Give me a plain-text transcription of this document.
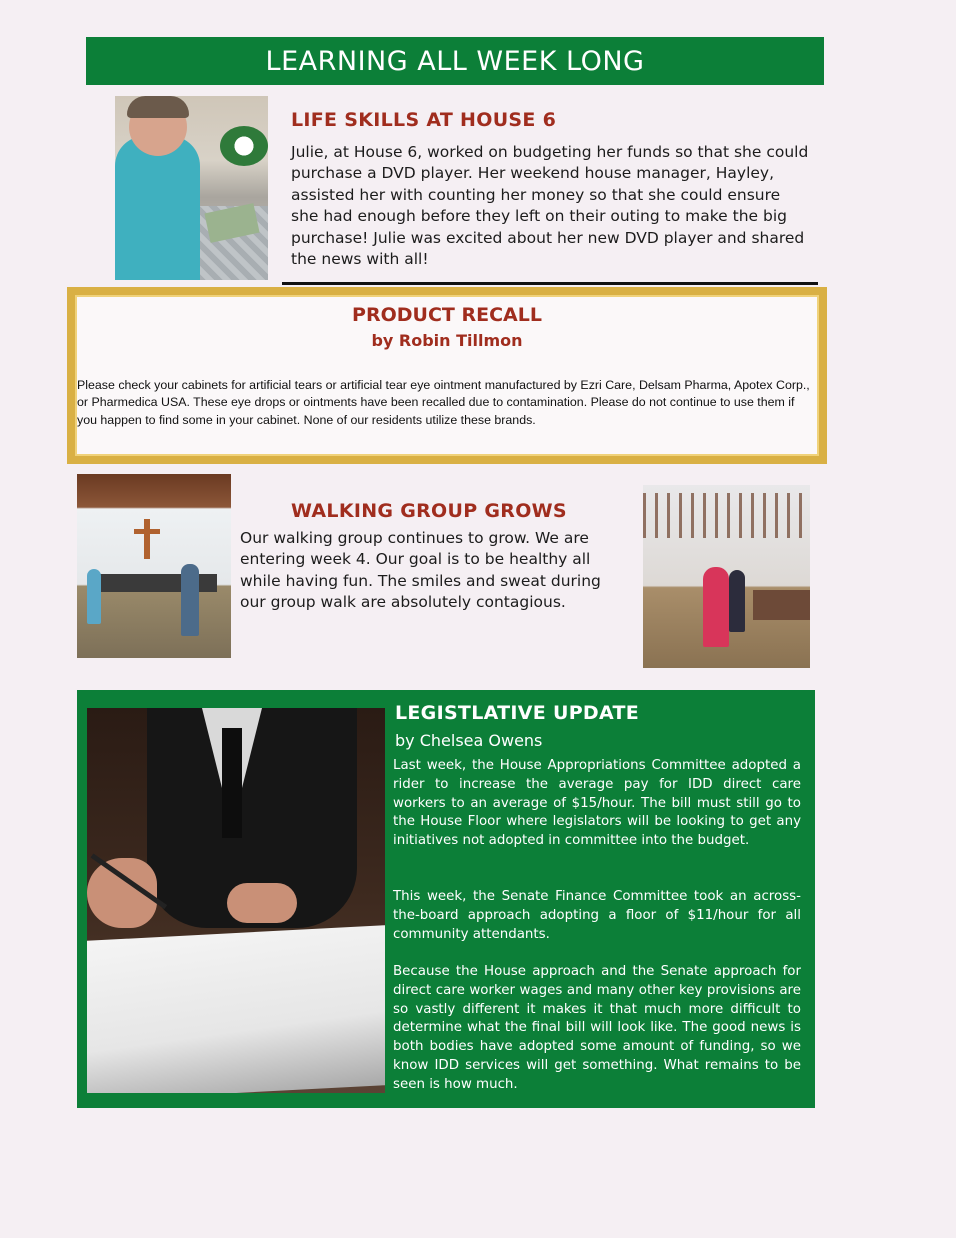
LEARNING ALL WEEK LONG
LIFE SKILLS AT HOUSE 6
Julie, at House 6, worked on budgeting her funds so that she could purchase a DVD player. Her weekend house manager, Hayley, assisted her with counting her money so that she could ensure she had enough before they left on their outing to make the big purchase! Julie was excited about her new DVD player and shared the news with all!
PRODUCT RECALL
by Robin Tillmon
Please check your cabinets for artificial tears or artificial tear eye ointment manufactured by Ezri Care, Delsam Pharma, Apotex Corp., or Pharmedica USA. These eye drops or ointments have been recalled due to contamination. Please do not continue to use them if you happen to find some in your cabinet. None of our residents utilize these brands.
WALKING GROUP GROWS
Our walking group continues to grow. We are entering week 4. Our goal is to be healthy all while having fun. The smiles and sweat during our group walk are absolutely contagious.
LEGISTLATIVE UPDATE
by Chelsea Owens
Last week, the House Appropriations Committee adopted a rider to increase the average pay for IDD direct care workers to an average of $15/hour. The bill must still go to the House Floor where legislators will be looking to get any initiatives not adopted in committee into the budget.
This week, the Senate Finance Committee took an across-the-board approach adopting a floor of $11/hour for all community attendants.
Because the House approach and the Senate approach for direct care worker wages and many other key provisions are so vastly different it makes it that much more difficult to determine what the final bill will look like. The good news is both bodies have adopted some amount of funding, so we know IDD services will get something. What remains to be seen is how much.
